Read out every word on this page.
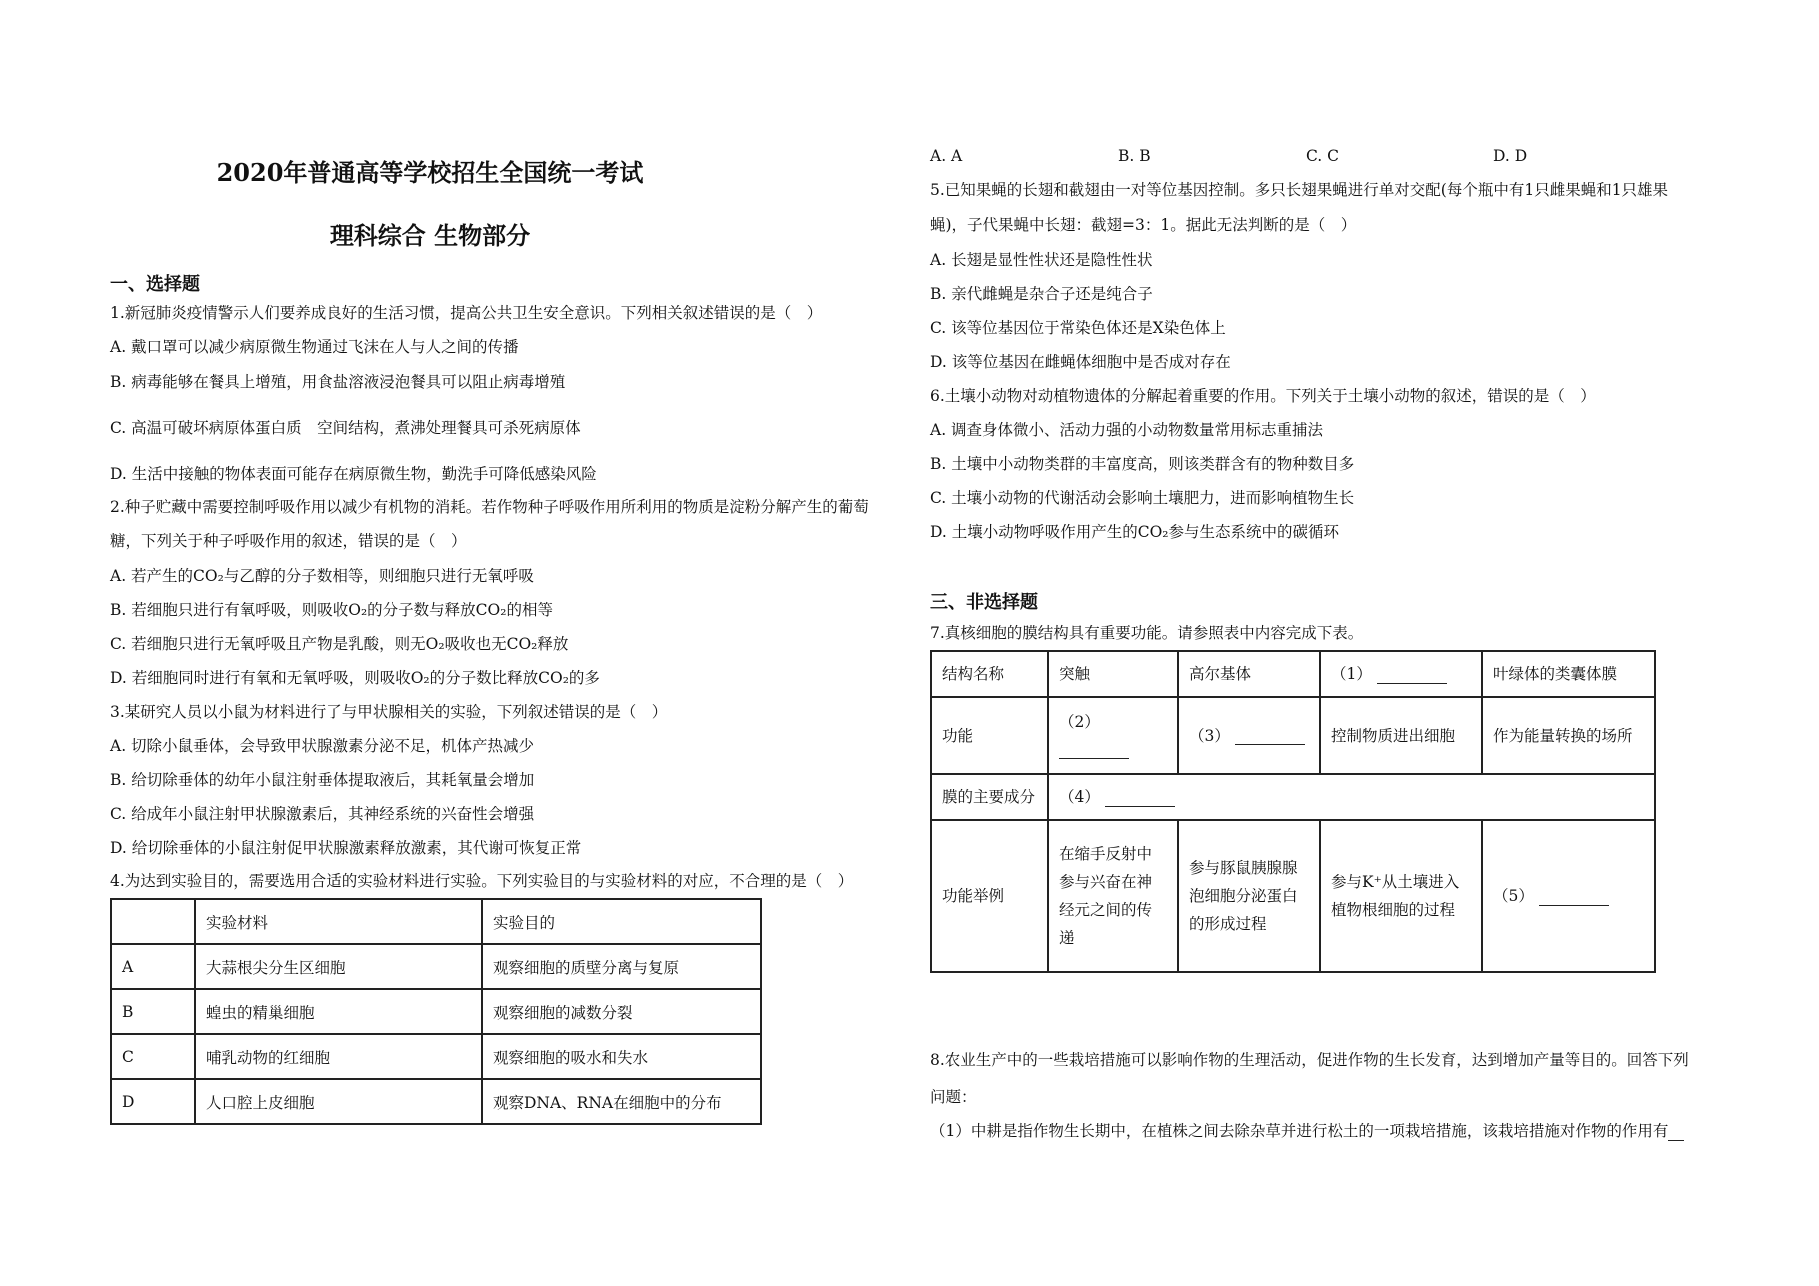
2020年普通高等学校招生全国统一考试
理科综合 生物部分
一、选择题
1.新冠肺炎疫情警示人们要养成良好的生活习惯，提高公共卫生安全意识。下列相关叙述错误的是（　）
A. 戴口罩可以减少病原微生物通过飞沫在人与人之间的传播
B. 病毒能够在餐具上增殖，用食盐溶液浸泡餐具可以阻止病毒增殖
C. 高温可破坏病原体蛋白质　空间结构，煮沸处理餐具可杀死病原体
D. 生活中接触的物体表面可能存在病原微生物，勤洗手可降低感染风险
2.种子贮藏中需要控制呼吸作用以减少有机物的消耗。若作物种子呼吸作用所利用的物质是淀粉分解产生的葡萄
糖，下列关于种子呼吸作用的叙述，错误的是（　）
A. 若产生的CO₂与乙醇的分子数相等，则细胞只进行无氧呼吸
B. 若细胞只进行有氧呼吸，则吸收O₂的分子数与释放CO₂的相等
C. 若细胞只进行无氧呼吸且产物是乳酸，则无O₂吸收也无CO₂释放
D. 若细胞同时进行有氧和无氧呼吸，则吸收O₂的分子数比释放CO₂的多
3.某研究人员以小鼠为材料进行了与甲状腺相关的实验，下列叙述错误的是（　）
A. 切除小鼠垂体，会导致甲状腺激素分泌不足，机体产热减少
B. 给切除垂体的幼年小鼠注射垂体提取液后，其耗氧量会增加
C. 给成年小鼠注射甲状腺激素后，其神经系统的兴奋性会增强
D. 给切除垂体的小鼠注射促甲状腺激素释放激素，其代谢可恢复正常
4.为达到实验目的，需要选用合适的实验材料进行实验。下列实验目的与实验材料的对应，不合理的是（　）
	实验材料	实验目的
A	大蒜根尖分生区细胞	观察细胞的质壁分离与复原
B	蝗虫的精巢细胞	观察细胞的减数分裂
C	哺乳动物的红细胞	观察细胞的吸水和失水
D	人口腔上皮细胞	观察DNA、RNA在细胞中的分布
A. A	B. B	C. C	D. D
5.已知果蝇的长翅和截翅由一对等位基因控制。多只长翅果蝇进行单对交配(每个瓶中有1只雌果蝇和1只雄果
蝇)，子代果蝇中长翅：截翅=3：1。据此无法判断的是（　）
A. 长翅是显性性状还是隐性性状
B. 亲代雌蝇是杂合子还是纯合子
C. 该等位基因位于常染色体还是X染色体上
D. 该等位基因在雌蝇体细胞中是否成对存在
6.土壤小动物对动植物遗体的分解起着重要的作用。下列关于土壤小动物的叙述，错误的是（　）
A. 调查身体微小、活动力强的小动物数量常用标志重捕法
B. 土壤中小动物类群的丰富度高，则该类群含有的物种数目多
C. 土壤小动物的代谢活动会影响土壤肥力，进而影响植物生长
D. 土壤小动物呼吸作用产生的CO₂参与生态系统中的碳循环
三、非选择题
7.真核细胞的膜结构具有重要功能。请参照表中内容完成下表。
结构名称	突触	高尔基体	（1）	叶绿体的类囊体膜
功能	（2）	（3）	控制物质进出细胞	作为能量转换的场所
膜的主要成分	（4）			
功能举例	在缩手反射中参与兴奋在神经元之间的传递	参与豚鼠胰腺腺泡细胞分泌蛋白的形成过程	参与K⁺从土壤进入植物根细胞的过程	（5）
8.农业生产中的一些栽培措施可以影响作物的生理活动，促进作物的生长发育，达到增加产量等目的。回答下列
问题：
（1）中耕是指作物生长期中，在植株之间去除杂草并进行松土的一项栽培措施，该栽培措施对作物的作用有
